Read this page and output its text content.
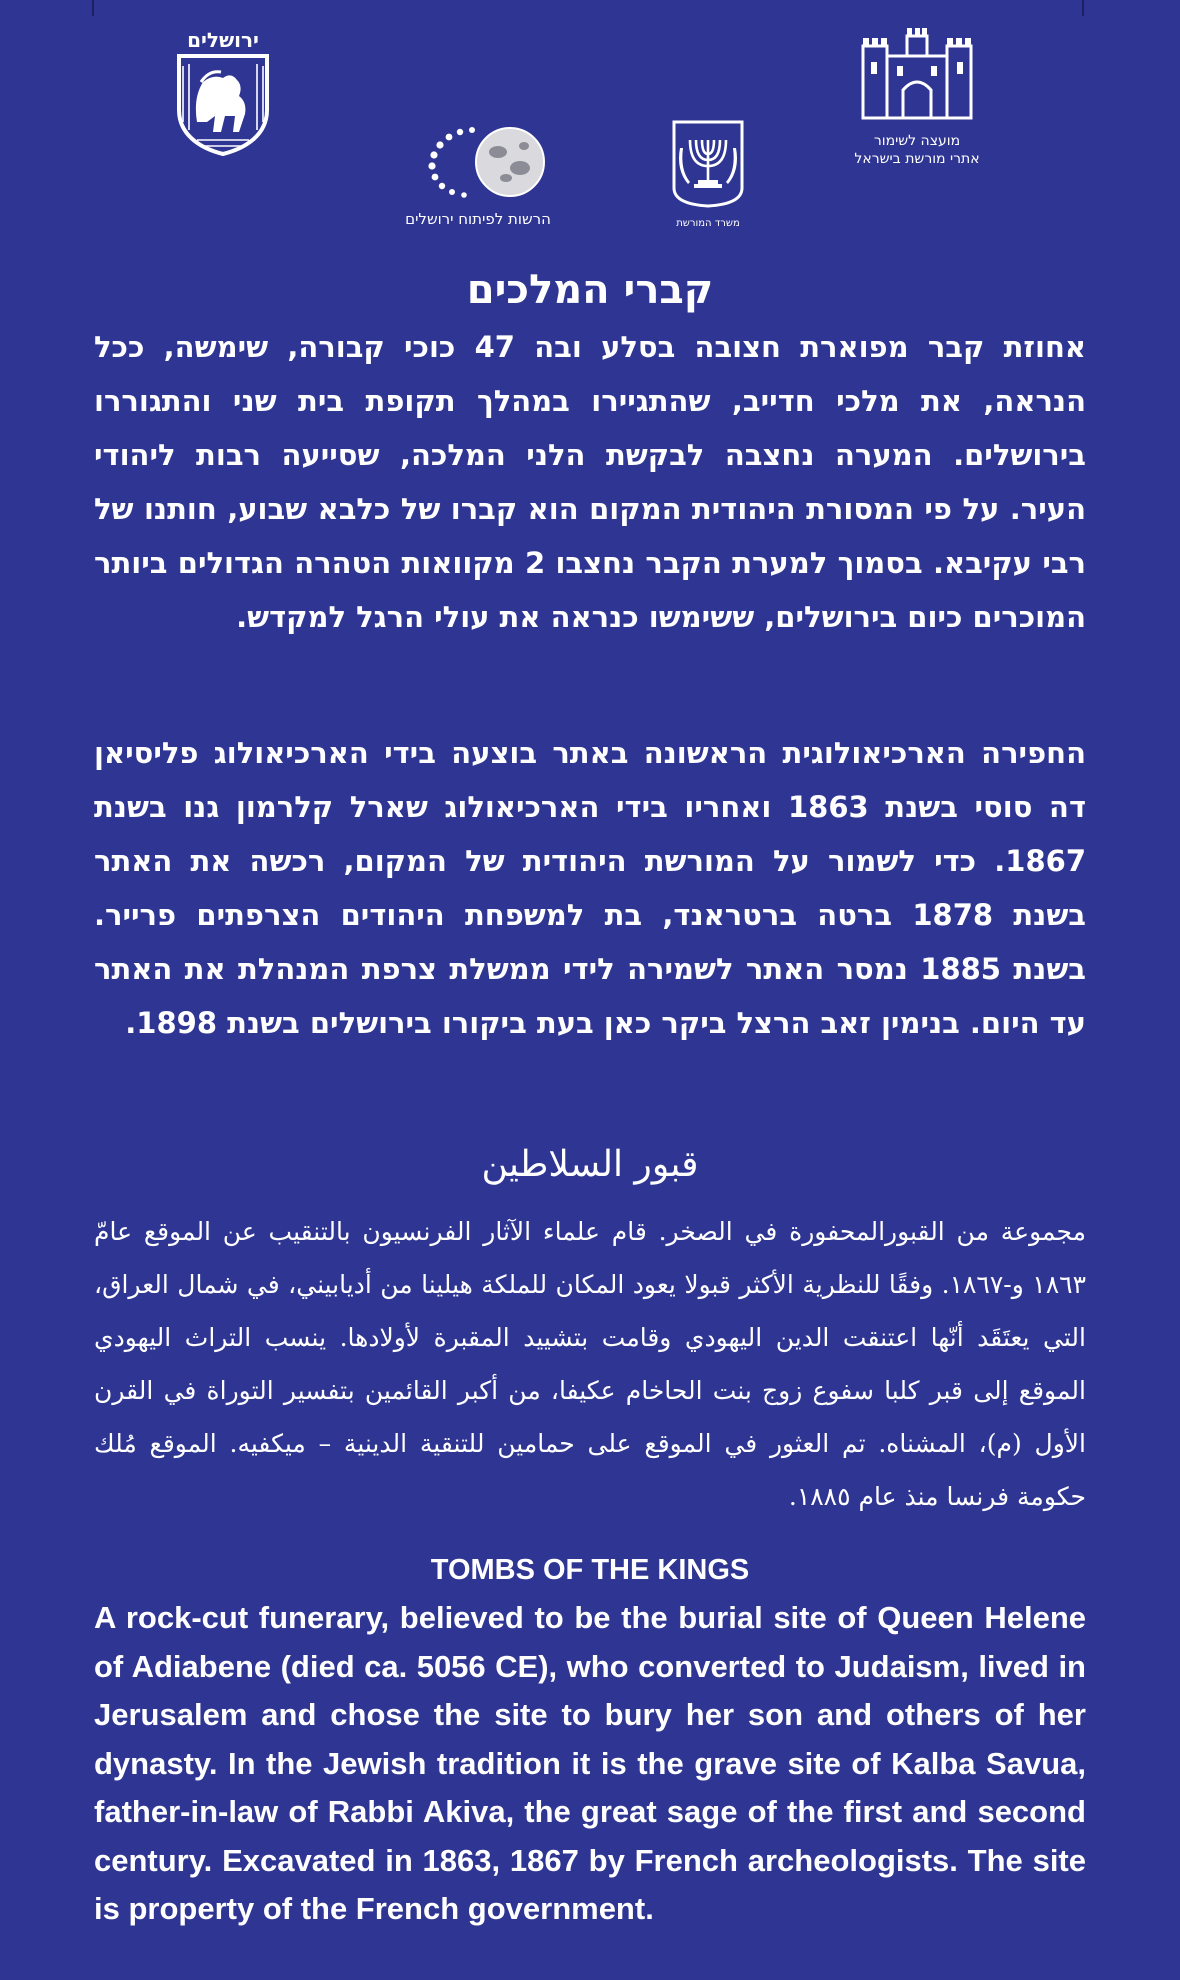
ירושלים
הרשות לפיתוח ירושלים	משרד המורשת
מועצה לשימור
אתרי מורשת בישראל
קברי המלכים

אחוזת קבר מפוארת חצובה בסלע ובה 47 כוכי קבורה, שימשה, ככל הנראה, את מלכי חדייב, שהתגיירו במהלך תקופת בית שני והתגוררו בירושלים. המערה נחצבה לבקשת הלני המלכה, שסייעה רבות ליהודי העיר. על פי המסורת היהודית המקום הוא קברו של כלבא שבוע, חותנו של רבי עקיבא. בסמוך למערת הקבר נחצבו 2 מקוואות הטהרה הגדולים ביותר המוכרים כיום בירושלים, ששימשו כנראה את עולי הרגל למקדש.

החפירה הארכיאולוגית הראשונה באתר בוצעה בידי הארכיאולוג פליסיאן דה סוסי בשנת 1863 ואחריו בידי הארכיאולוג שארל קלרמון גנו בשנת 1867. כדי לשמור על המורשת היהודית של המקום, רכשה את האתר בשנת 1878 ברטה ברטראנד, בת למשפחת היהודים הצרפתים פרייר. בשנת 1885 נמסר האתר לשמירה לידי ממשלת צרפת המנהלת את האתר עד היום. בנימין זאב הרצל ביקר כאן בעת ביקורו בירושלים בשנת 1898.

قبور السلاطين

مجموعة من القبورالمحفورة في الصخر. قام علماء الآثار الفرنسيون بالتنقيب عن الموقع عامّ ١٨٦٣ و-١٨٦٧. وفقًا للنظرية الأكثر قبولا يعود المكان للملكة هيلينا من أديابيني، في شمال العراق، التي يعتَقَد أنّها اعتنقت الدين اليهودي وقامت بتشييد المقبرة لأولادها. ينسب التراث اليهودي الموقع إلى قبر كلبا سفوع زوج بنت الحاخام عكيفا، من أكبر القائمين بتفسير التوراة في القرن الأول (م)، المشناه. تم العثور في الموقع على حمامين للتنقية الدينية – ميكفيه. الموقع مُلك حكومة فرنسا منذ عام ١٨٨٥.

TOMBS OF THE KINGS

A rock-cut funerary, believed to be the burial site of Queen Helene of Adiabene (died ca. 5056 CE), who converted to Judaism, lived in Jerusalem and chose the site to bury her son and others of her dynasty. In the Jewish tradition it is the grave site of Kalba Savua, father-in-law of Rabbi Akiva, the great sage of the first and second century. Excavated in 1863, 1867 by French archeologists. The site is property of the French government.
